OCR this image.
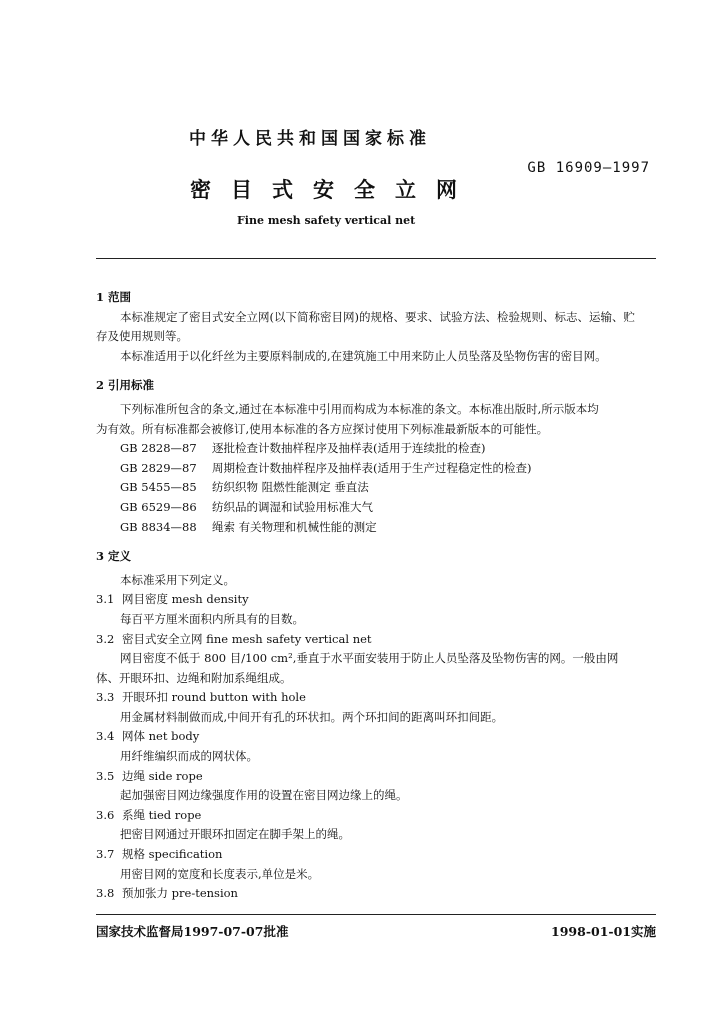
中华人民共和国国家标准
GB 16909—1997
密目式安全立网
Fine mesh safety vertical net
1 范围
本标准规定了密目式安全立网(以下简称密目网)的规格、要求、试验方法、检验规则、标志、运输、贮
存及使用规则等。
本标准适用于以化纤丝为主要原料制成的,在建筑施工中用来防止人员坠落及坠物伤害的密目网。
2 引用标准
下列标准所包含的条文,通过在本标准中引用而构成为本标准的条文。本标准出版时,所示版本均
为有效。所有标准都会被修订,使用本标准的各方应探讨使用下列标准最新版本的可能性。
GB 2828—87 逐批检查计数抽样程序及抽样表(适用于连续批的检查)
GB 2829—87 周期检查计数抽样程序及抽样表(适用于生产过程稳定性的检查)
GB 5455—85 纺织织物 阻燃性能测定 垂直法
GB 6529—86 纺织品的调湿和试验用标准大气
GB 8834—88 绳索 有关物理和机械性能的测定
3 定义
本标准采用下列定义。
3.1 网目密度 mesh density
每百平方厘米面积内所具有的目数。
3.2 密目式安全立网 fine mesh safety vertical net
网目密度不低于 800 目/100 cm²,垂直于水平面安装用于防止人员坠落及坠物伤害的网。一般由网
体、开眼环扣、边绳和附加系绳组成。
3.3 开眼环扣 round button with hole
用金属材料制做而成,中间开有孔的环状扣。两个环扣间的距离叫环扣间距。
3.4 网体 net body
用纤维编织而成的网状体。
3.5 边绳 side rope
起加强密目网边缘强度作用的设置在密目网边缘上的绳。
3.6 系绳 tied rope
把密目网通过开眼环扣固定在脚手架上的绳。
3.7 规格 specification
用密目网的宽度和长度表示,单位是米。
3.8 预加张力 pre-tension
国家技术监督局1997-07-07批准	1998-01-01实施
